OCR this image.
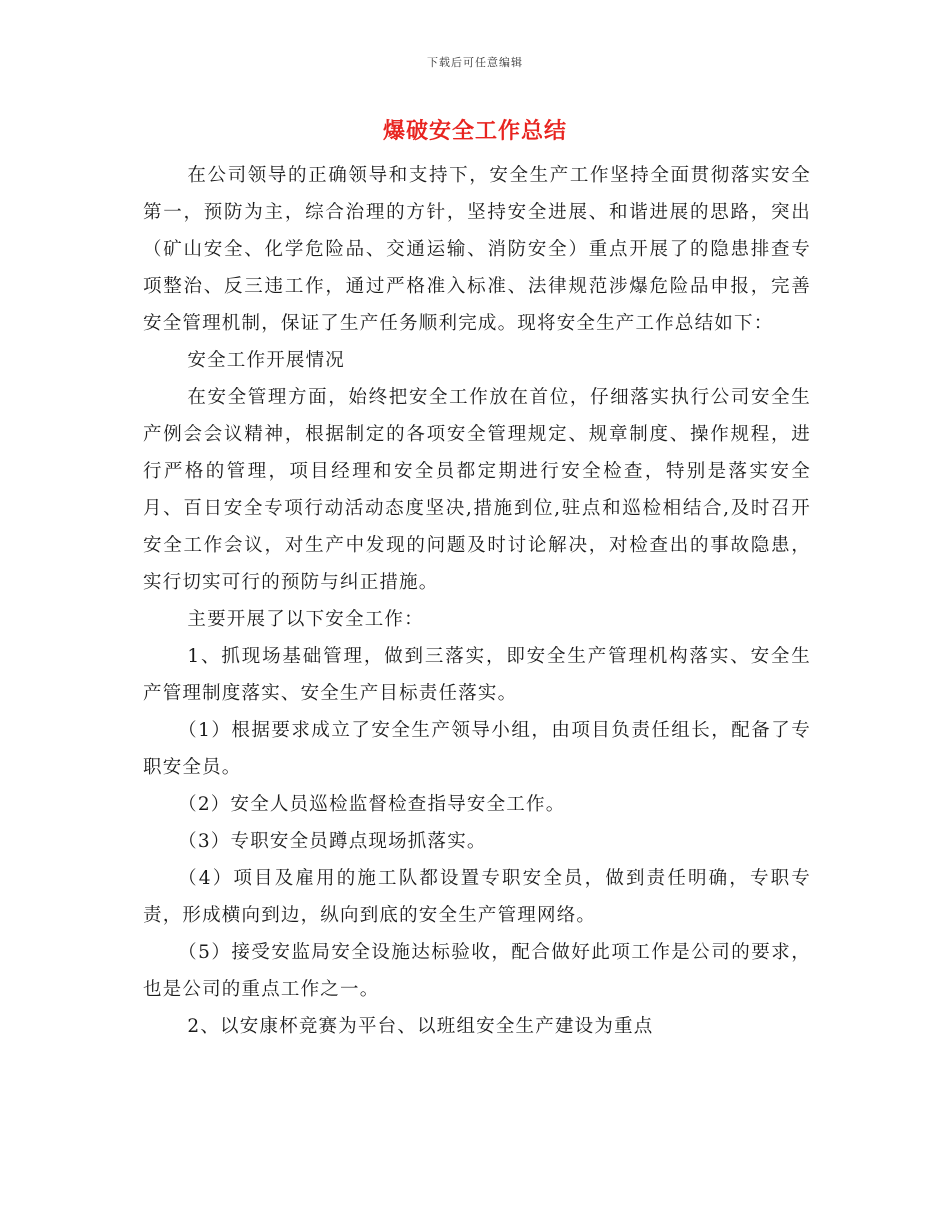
下载后可任意编辑
爆破安全工作总结

在公司领导的正确领导和支持下，安全生产工作坚持全面贯彻落实安全第一，预防为主，综合治理的方针，坚持安全进展、和谐进展的思路，突出（矿山安全、化学危险品、交通运输、消防安全）重点开展了的隐患排查专项整治、反三违工作，通过严格准入标准、法律规范涉爆危险品申报，完善安全管理机制，保证了生产任务顺利完成。现将安全生产工作总结如下：

安全工作开展情况

在安全管理方面，始终把安全工作放在首位，仔细落实执行公司安全生产例会会议精神，根据制定的各项安全管理规定、规章制度、操作规程，进行严格的管理，项目经理和安全员都定期进行安全检查，特别是落实安全月、百日安全专项行动活动态度坚决,措施到位,驻点和巡检相结合,及时召开安全工作会议，对生产中发现的问题及时讨论解决，对检查出的事故隐患，实行切实可行的预防与纠正措施。

主要开展了以下安全工作：

1、抓现场基础管理，做到三落实，即安全生产管理机构落实、安全生产管理制度落实、安全生产目标责任落实。

（1）根据要求成立了安全生产领导小组，由项目负责任组长，配备了专职安全员。

（2）安全人员巡检监督检查指导安全工作。

（3）专职安全员蹲点现场抓落实。

（4）项目及雇用的施工队都设置专职安全员，做到责任明确，专职专责，形成横向到边，纵向到底的安全生产管理网络。

（5）接受安监局安全设施达标验收，配合做好此项工作是公司的要求，也是公司的重点工作之一。

2、以安康杯竞赛为平台、以班组安全生产建设为重点
